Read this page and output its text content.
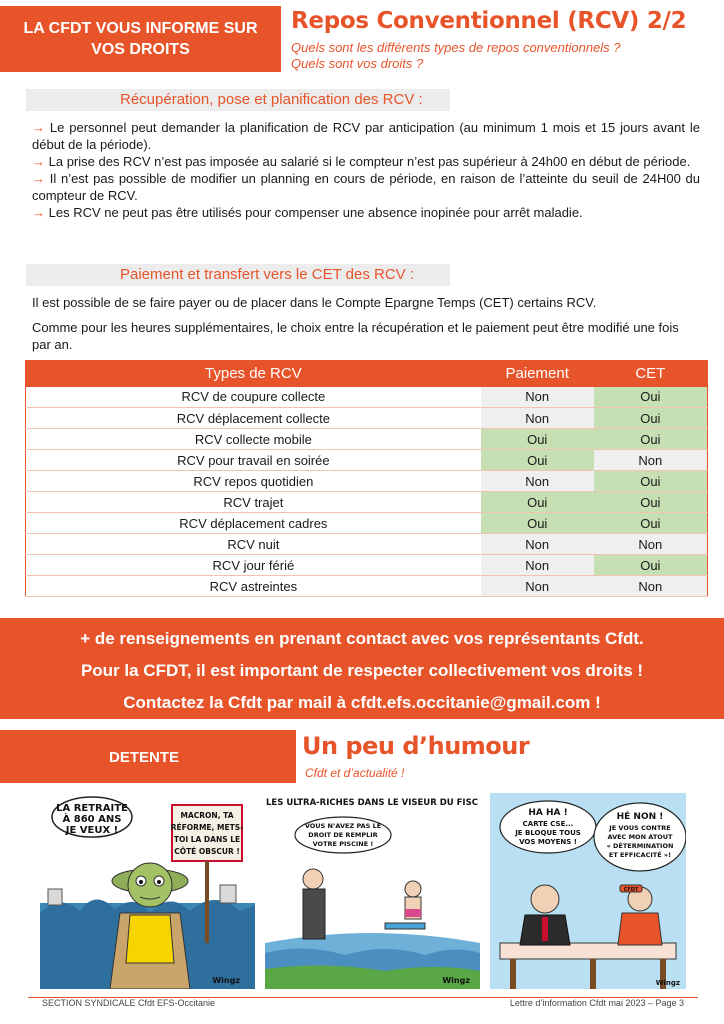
LA CFDT VOUS INFORME SUR
VOS DROITS
Repos Conventionnel (RCV) 2/2
Quels sont les différents types de repos conventionnels ?
Quels sont vos droits ?
Récupération, pose et planification des RCV :

→ Le personnel peut demander la planification de RCV par anticipation (au minimum 1 mois et 15 jours avant le début de la période).

→ La prise des RCV n’est pas imposée au salarié si le compteur n’est pas supérieur à 24h00 en début de période.

→ Il n’est pas possible de modifier un planning en cours de période, en raison de l’atteinte du seuil de 24H00 du compteur de RCV.

→ Les RCV ne peut pas être utilisés pour compenser une absence inopinée pour arrêt maladie.

Paiement et transfert vers le CET des RCV :
Il est possible de se faire payer ou de placer dans le Compte Epargne Temps (CET) certains RCV.
Comme pour les heures supplémentaires, le choix entre la récupération et le paiement peut être modifié une fois par an.
Types de RCV	Paiement	CET
RCV de coupure collecte	Non	Oui
RCV déplacement collecte	Non	Oui
RCV collecte mobile	Oui	Oui
RCV pour travail en soirée	Oui	Non
RCV repos quotidien	Non	Oui
RCV trajet	Oui	Oui
RCV déplacement cadres	Oui	Oui
RCV nuit	Non	Non
RCV jour férié	Non	Oui
RCV astreintes	Non	Non
+ de renseignements en prenant contact avec vos représentants Cfdt.
Pour la CFDT, il est important de respecter collectivement vos droits !
Contactez la Cfdt par mail à cfdt.efs.occitanie@gmail.com !
DETENTE	Un peu d’humour
Cfdt et d’actualité !
LA RETRAITE
À 860 ANS
JE VEUX !
MACRON, TA
RÉFORME, METS-
TOI LA DANS LE
CÔTÉ OBSCUR !
Wingz
LES ULTRA-RICHES DANS LE VISEUR DU FISC
VOUS N’AVEZ PAS LE
DROIT DE REMPLIR
VOTRE PISCINE !
Wingz
HA HA !
CARTE CSE...
JE BLOQUE TOUS
VOS MOYENS !
HÉ NON !
JE VOUS CONTRE
AVEC MON ATOUT
« DÉTERMINATION
ET EFFICACITÉ »!
CFDT
Wingz
SECTION SYNDICALE Cfdt EFS-Occitanie	Lettre d’information Cfdt mai 2023 – Page 3
